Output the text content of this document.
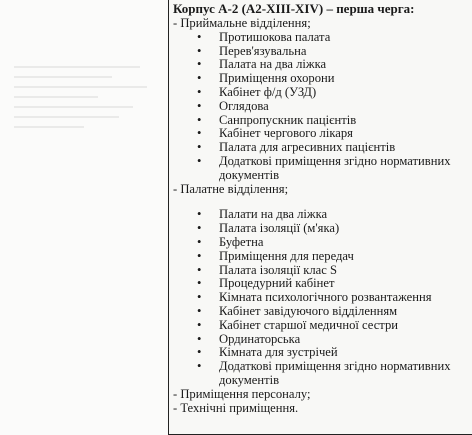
Корпус А-2 (А2-ХІІІ-ХІV) – перша черга:

- Приймальне відділення;

• Протишокова палата
• Перев'язувальна
• Палата на два ліжка
• Приміщення охорони
• Кабінет ф/д (УЗД)
• Оглядова
• Санпропускник пацієнтів
• Кабінет чергового лікаря
• Палата для агресивних пацієнтів
• Додаткові приміщення згідно нормативних документів

- Палатне відділення;

• Палати на два ліжка
• Палата ізоляції (м'яка)
• Буфетна
• Приміщення для передач
• Палата ізоляції клас S
• Процедурний кабінет
• Кімната психологічного розвантаження
• Кабінет завідуючого відділенням
• Кабінет старшої медичної сестри
• Ординаторська
• Кімната для зустрічей
• Додаткові приміщення згідно нормативних документів

- Приміщення персоналу;

- Технічні приміщення.
